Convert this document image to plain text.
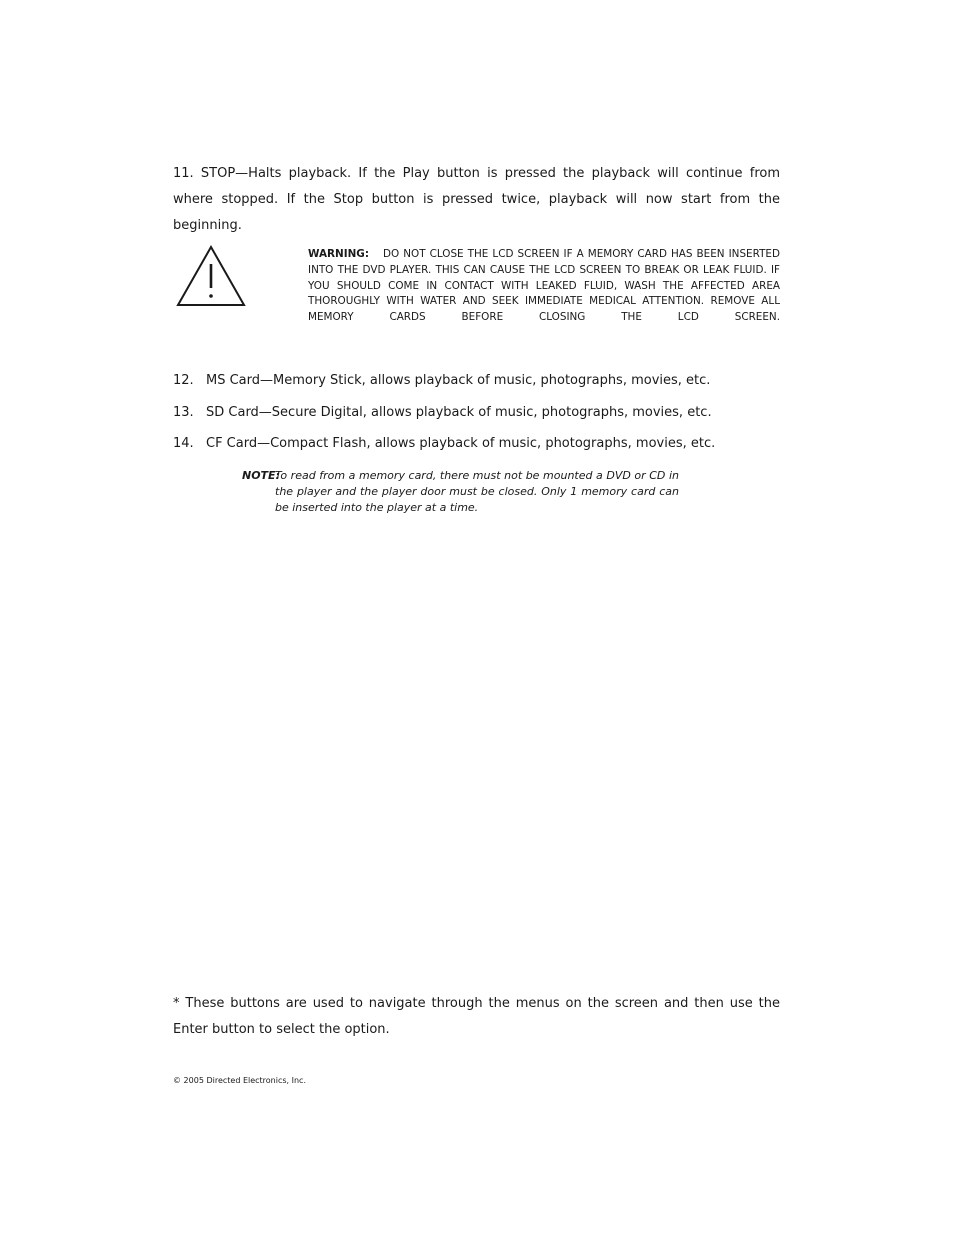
11. STOP—Halts playback. If the Play button is pressed the playback will continue from where stopped. If the Stop button is pressed twice, playback will now start from the beginning.
WARNING: DO NOT CLOSE THE LCD SCREEN IF A MEMORY CARD HAS BEEN INSERTED INTO THE DVD PLAYER. THIS CAN CAUSE THE LCD SCREEN TO BREAK OR LEAK FLUID. IF YOU SHOULD COME IN CONTACT WITH LEAKED FLUID, WASH THE AFFECTED AREA THOROUGHLY WITH WATER AND SEEK IMMEDIATE MEDICAL ATTENTION. REMOVE ALL MEMORY CARDS BEFORE CLOSING THE LCD SCREEN.
12. MS Card—Memory Stick, allows playback of music, photographs, movies, etc.
13. SD Card—Secure Digital, allows playback of music, photographs, movies, etc.
14. CF Card—Compact Flash, allows playback of music, photographs, movies, etc.
NOTE:
To read from a memory card, there must not be mounted a DVD or CD in the player and the player door must be closed. Only 1 memory card can be inserted into the player at a time.
* These buttons are used to navigate through the menus on the screen and then use the Enter button to select the option.
© 2005 Directed Electronics, Inc.
